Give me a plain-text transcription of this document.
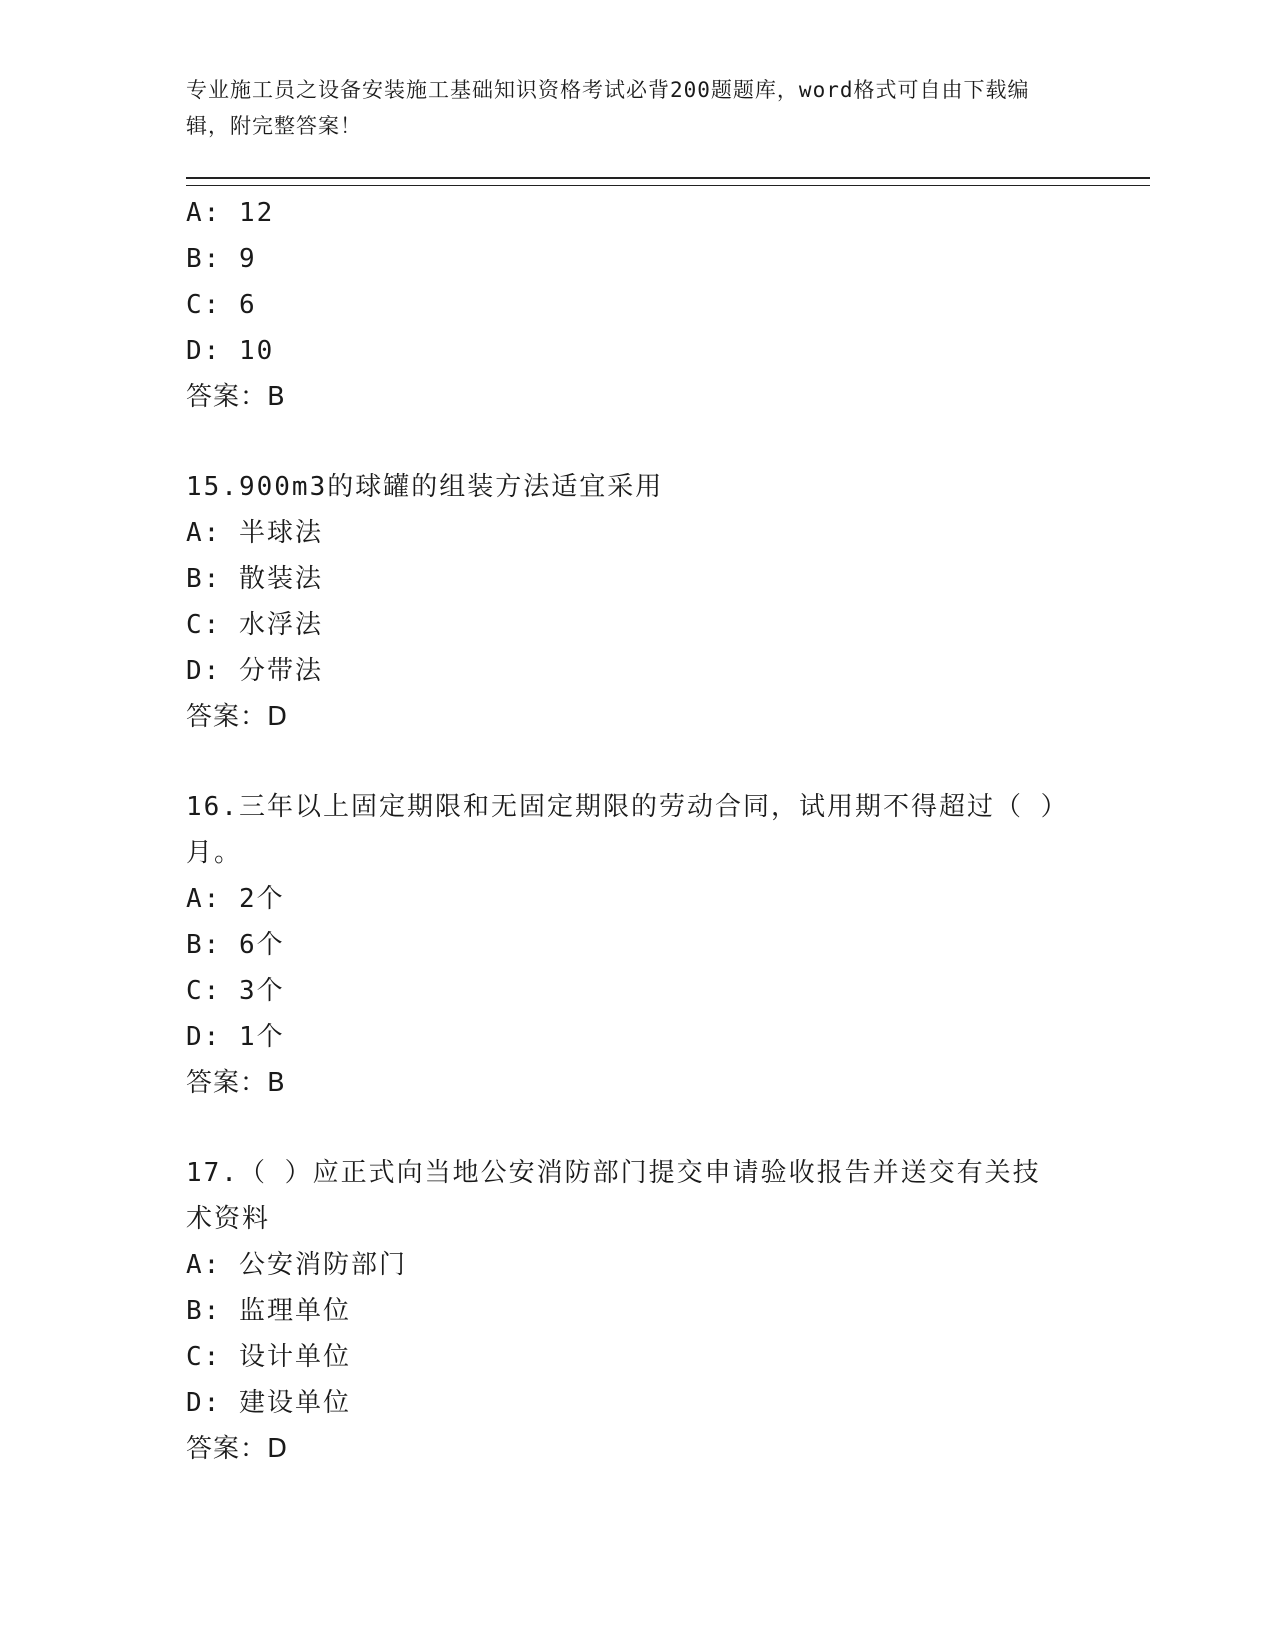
专业施工员之设备安装施工基础知识资格考试必背200题题库，word格式可自由下载编辑，附完整答案！
A: 12
B: 9
C: 6
D: 10
答案：B
15.900m3的球罐的组装方法适宜采用
A: 半球法
B: 散装法
C: 水浮法
D: 分带法
答案：D
16.三年以上固定期限和无固定期限的劳动合同，试用期不得超过（ ）月。
A: 2个
B: 6个
C: 3个
D: 1个
答案：B
17.（ ）应正式向当地公安消防部门提交申请验收报告并送交有关技术资料
A: 公安消防部门
B: 监理单位
C: 设计单位
D: 建设单位
答案：D
